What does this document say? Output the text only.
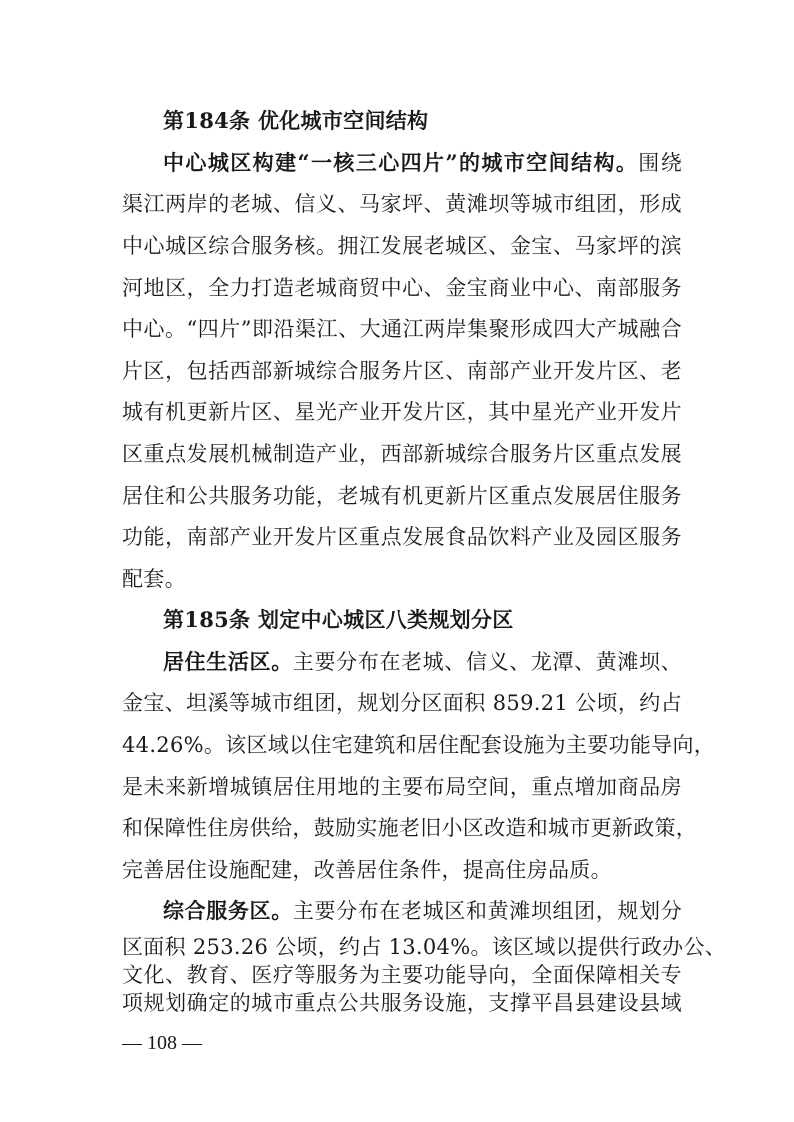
第184条 优化城市空间结构
中心城区构建“一核三心四片”的城市空间结构。围绕
渠江两岸的老城、信义、马家坪、黄滩坝等城市组团，形成
中心城区综合服务核。拥江发展老城区、金宝、马家坪的滨
河地区，全力打造老城商贸中心、金宝商业中心、南部服务
中心。“四片”即沿渠江、大通江两岸集聚形成四大产城融合
片区，包括西部新城综合服务片区、南部产业开发片区、老
城有机更新片区、星光产业开发片区，其中星光产业开发片
区重点发展机械制造产业，西部新城综合服务片区重点发展
居住和公共服务功能，老城有机更新片区重点发展居住服务
功能，南部产业开发片区重点发展食品饮料产业及园区服务
配套。
第185条 划定中心城区八类规划分区
居住生活区。主要分布在老城、信义、龙潭、黄滩坝、
金宝、坦溪等城市组团，规划分区面积 859.21 公顷，约占
44.26%。该区域以住宅建筑和居住配套设施为主要功能导向，
是未来新增城镇居住用地的主要布局空间，重点增加商品房
和保障性住房供给，鼓励实施老旧小区改造和城市更新政策，
完善居住设施配建，改善居住条件，提高住房品质。
综合服务区。主要分布在老城区和黄滩坝组团，规划分
区面积 253.26 公顷，约占 13.04%。该区域以提供行政办公、
文化、教育、医疗等服务为主要功能导向，全面保障相关专
— 108 —
项规划确定的城市重点公共服务设施，支撑平昌县建设县域
